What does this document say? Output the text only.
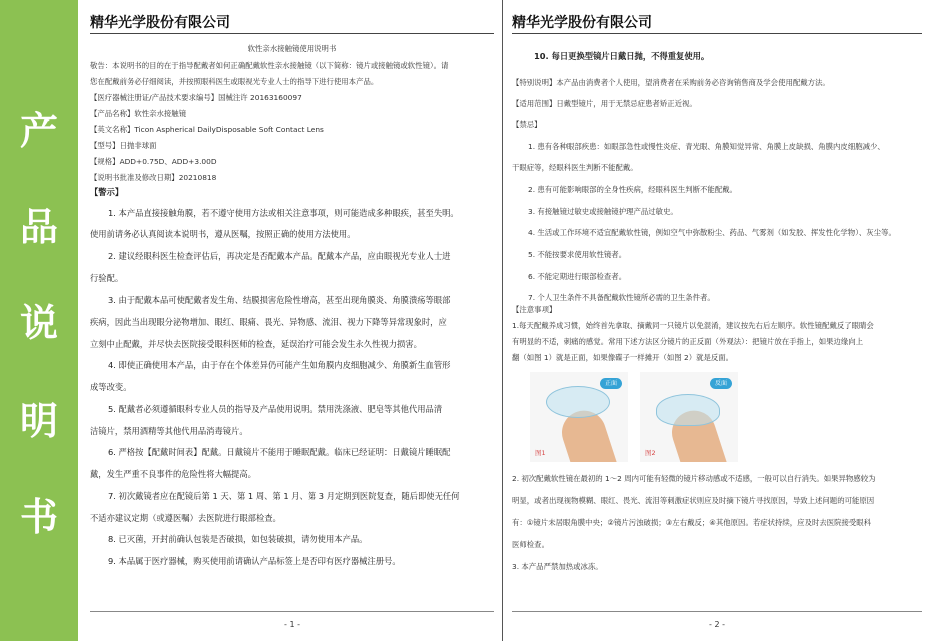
产
品
说
明
书
精华光学股份有限公司
软性亲水接触镜使用说明书
敬告：本说明书的目的在于指导配戴者如何正确配戴软性亲水接触镜（以下简称：镜片或接触镜或软性镜）。请
您在配戴前务必仔细阅读，并按照眼科医生或眼视光专业人士的指导下进行使用本产品。
【医疗器械注册证/产品技术要求编号】国械注许 20163160097
【产品名称】软性亲水接触镜
【英文名称】Ticon Aspherical DailyDisposable Soft Contact Lens
【型号】日抛非球面
【规格】ADD+0.75D、ADD+3.00D
【说明书批准及修改日期】20210818
【警示】
1. 本产品直接接触角膜，若不遵守使用方法或相关注意事项，则可能造成多种眼疾，甚至失明。
使用前请务必认真阅读本说明书，遵从医嘱，按照正确的使用方法使用。
2. 建议经眼科医生检查评估后，再决定是否配戴本产品。配戴本产品，应由眼视光专业人士进
行验配。
3. 由于配戴本品可使配戴者发生角、结膜损害危险性增高，甚至出现角膜炎、角膜溃疡等眼部
疾病，因此当出现眼分泌物增加、眼红、眼痛、畏光、异物感、流泪、视力下降等异常现象时，应
立刻中止配戴，并尽快去医院接受眼科医师的检查，延误治疗可能会发生永久性视力损害。
4. 即使正确使用本产品，由于存在个体差异仍可能产生如角膜内皮细胞减少、角膜新生血管形
成等改变。
5. 配戴者必须遵循眼科专业人员的指导及产品使用说明。禁用洗涤液、肥皂等其他代用品清
洁镜片，禁用酒精等其他代用品消毒镜片。
6. 严格按【配戴时间表】配戴。日戴镜片不能用于睡眠配戴。临床已经证明：日戴镜片睡眠配
戴，发生严重不良事件的危险性将大幅提高。
7. 初次戴镜者应在配镜后第 1 天、第 1 周、第 1 月、第 3 月定期到医院复查，随后即使无任何
不适亦建议定期（或遵医嘱）去医院进行眼部检查。
8. 已灭菌，开封前确认包装是否破损，如包装破损，请勿使用本产品。
9. 本品属于医疗器械，购买使用前请确认产品标签上是否印有医疗器械注册号。
- 1 -
精华光学股份有限公司
10. 每日更换型镜片日戴日抛，不得重复使用。
【特别说明】本产品由消费者个人使用，望消费者在采购前务必咨询销售商及学会使用配戴方法。
【适用范围】日戴型镜片，用于无禁忌症患者矫正近视。
【禁忌】
1. 患有各种眼部疾患：如眼部急性或慢性炎症、青光眼、角膜知觉异常、角膜上皮缺损、角膜内皮细胞减少、
干眼症等，经眼科医生判断不能配戴。
2. 患有可能影响眼部的全身性疾病，经眼科医生判断不能配戴。
3. 有接触镜过敏史或接触镜护理产品过敏史。
4. 生活或工作环境不适宜配戴软性镜，例如空气中弥散粉尘、药品、气雾剂（如发胶、挥发性化学物）、灰尘等。
5. 不能按要求使用软性镜者。
6. 不能定期进行眼部检查者。
7. 个人卫生条件不具备配戴软性镜所必需的卫生条件者。
【注意事项】
1.每天配戴养成习惯，始终首先拿取、摘戴同一只镜片以免混淆，建议按先右后左顺序。软性镜配戴反了眼睛会
有明显的不适，刺痛的感觉。常用下述方法区分镜片的正反面（外观法）：把镜片放在手指上，如果边缘向上
翻（如图 1）就是正面，如果像碟子一样摊开（如图 2）就是反面。
正面
图1
反面
图2
2. 初次配戴软性镜在最初的 1～2 周内可能有轻微的镜片移动感或不适感，一般可以自行消失。如果异物感较为
明显，或者出现视物模糊、眼红、畏光、流泪等刺激症状则应及时摘下镜片寻找原因，导致上述问题的可能原因
有：①镜片未居眼角膜中央；②镜片污浊破损；③左右戴反；④其他原因。若症状持续，应及时去医院接受眼科
医师检查。
3. 本产品严禁加热或冰冻。
- 2 -
